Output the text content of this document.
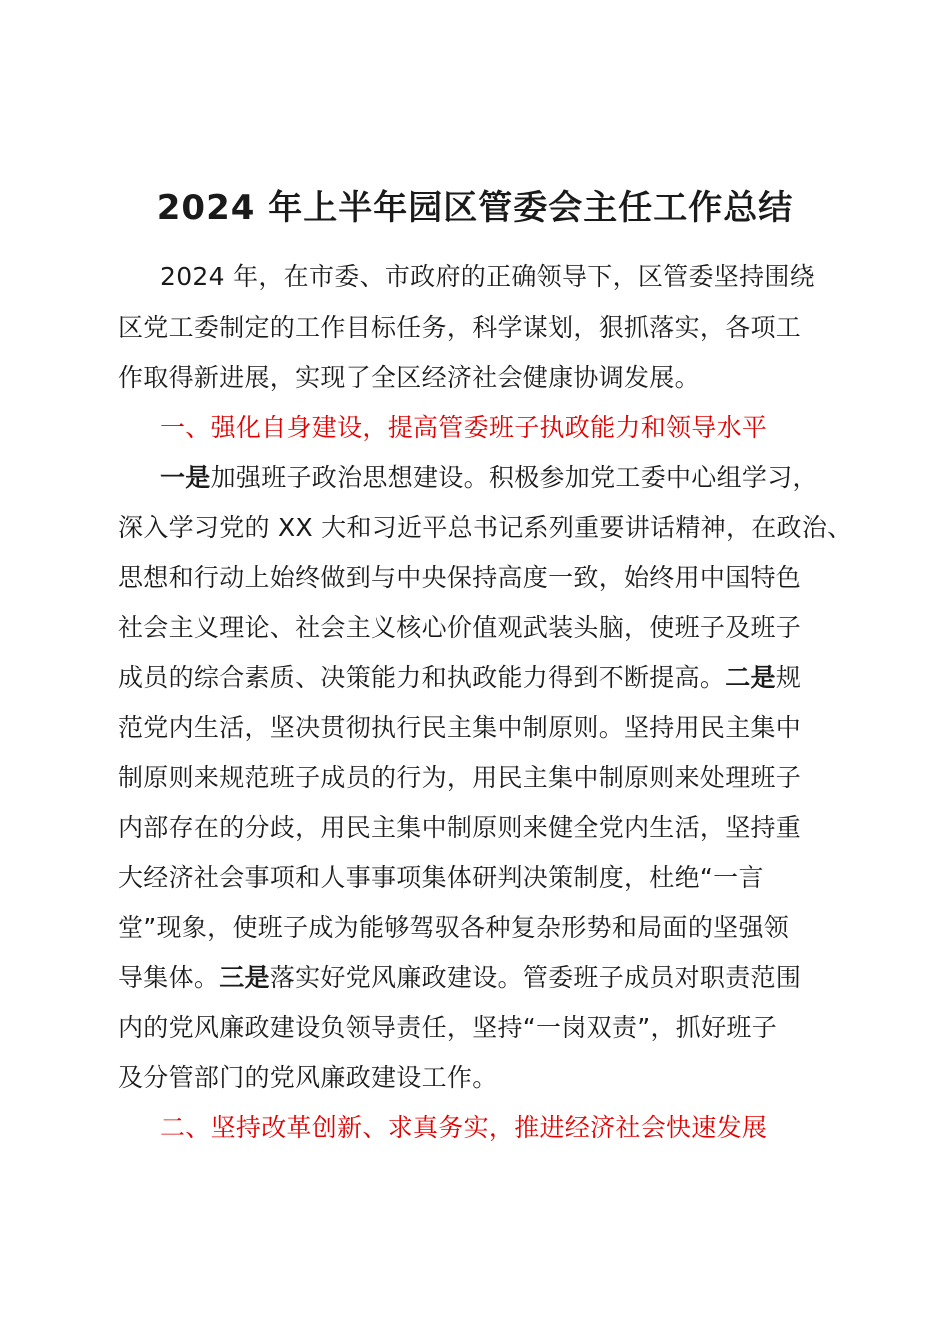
2024 年上半年园区管委会主任工作总结
2024 年，在市委、市政府的正确领导下，区管委坚持围绕
区党工委制定的工作目标任务，科学谋划，狠抓落实，各项工
作取得新进展，实现了全区经济社会健康协调发展。
一、强化自身建设，提高管委班子执政能力和领导水平
一是加强班子政治思想建设。积极参加党工委中心组学习，
深入学习党的 XX 大和习近平总书记系列重要讲话精神，在政治、
思想和行动上始终做到与中央保持高度一致，始终用中国特色
社会主义理论、社会主义核心价值观武装头脑，使班子及班子
成员的综合素质、决策能力和执政能力得到不断提高。二是规
范党内生活，坚决贯彻执行民主集中制原则。坚持用民主集中
制原则来规范班子成员的行为，用民主集中制原则来处理班子
内部存在的分歧，用民主集中制原则来健全党内生活，坚持重
大经济社会事项和人事事项集体研判决策制度，杜绝“一言
堂”现象，使班子成为能够驾驭各种复杂形势和局面的坚强领
导集体。三是落实好党风廉政建设。管委班子成员对职责范围
内的党风廉政建设负领导责任，坚持“一岗双责”，抓好班子
及分管部门的党风廉政建设工作。
二、坚持改革创新、求真务实，推进经济社会快速发展
